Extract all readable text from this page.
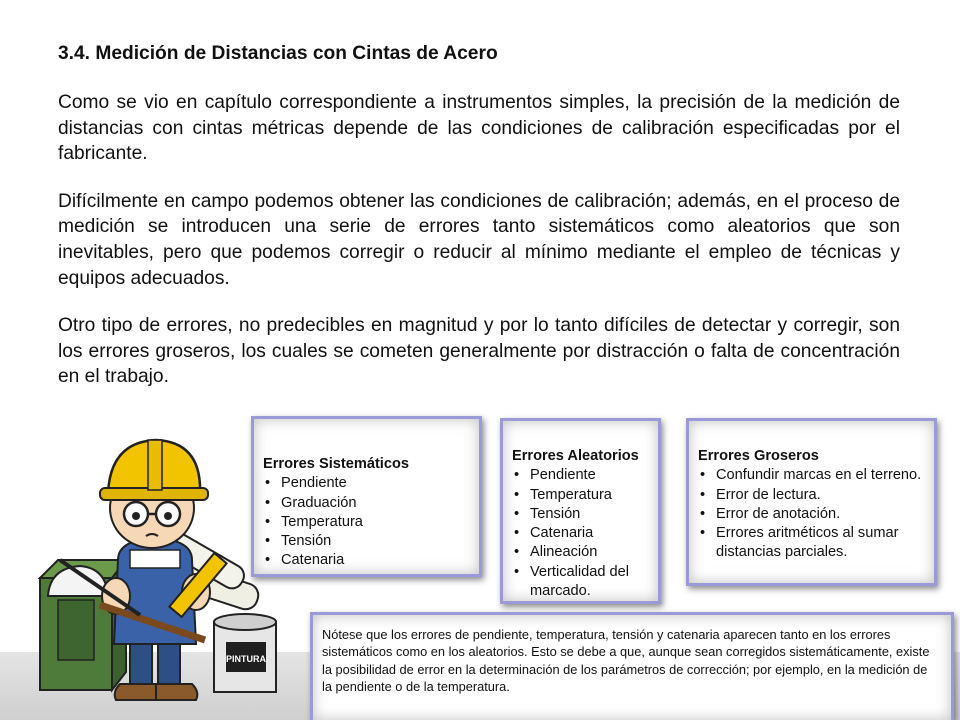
3.4. Medición de Distancias con Cintas de Acero

Como se vio en capítulo correspondiente a instrumentos simples, la precisión de la medición de distancias con cintas métricas depende de las condiciones de calibración especificadas por el fabricante.

Difícilmente en campo podemos obtener las condiciones de calibración; además, en el proceso de medición se introducen una serie de errores tanto sistemáticos como aleatorios que son inevitables, pero que podemos corregir o reducir al mínimo mediante el empleo de técnicas y equipos adecuados.

Otro tipo de errores, no predecibles en magnitud y por lo tanto difíciles de detectar y corregir, son los errores groseros, los cuales se cometen generalmente por distracción o falta de concentración en el trabajo.

PINTURA
Errores Sistemáticos
• Pendiente
• Graduación
• Temperatura
• Tensión
• Catenaria
Errores Aleatorios
• Pendiente
• Temperatura
• Tensión
• Catenaria
• Alineación
• Verticalidad del marcado.
Errores Groseros
• Confundir marcas en el terreno.
• Error de lectura.
• Error de anotación.
• Errores aritméticos al sumar distancias parciales.
Nótese que los errores de pendiente, temperatura, tensión y catenaria aparecen tanto en los errores sistemáticos como en los aleatorios. Esto se debe a que, aunque sean corregidos sistemáticamente, existe la posibilidad de error en la determinación de los parámetros de corrección; por ejemplo, en la medición de la pendiente o de la temperatura.
